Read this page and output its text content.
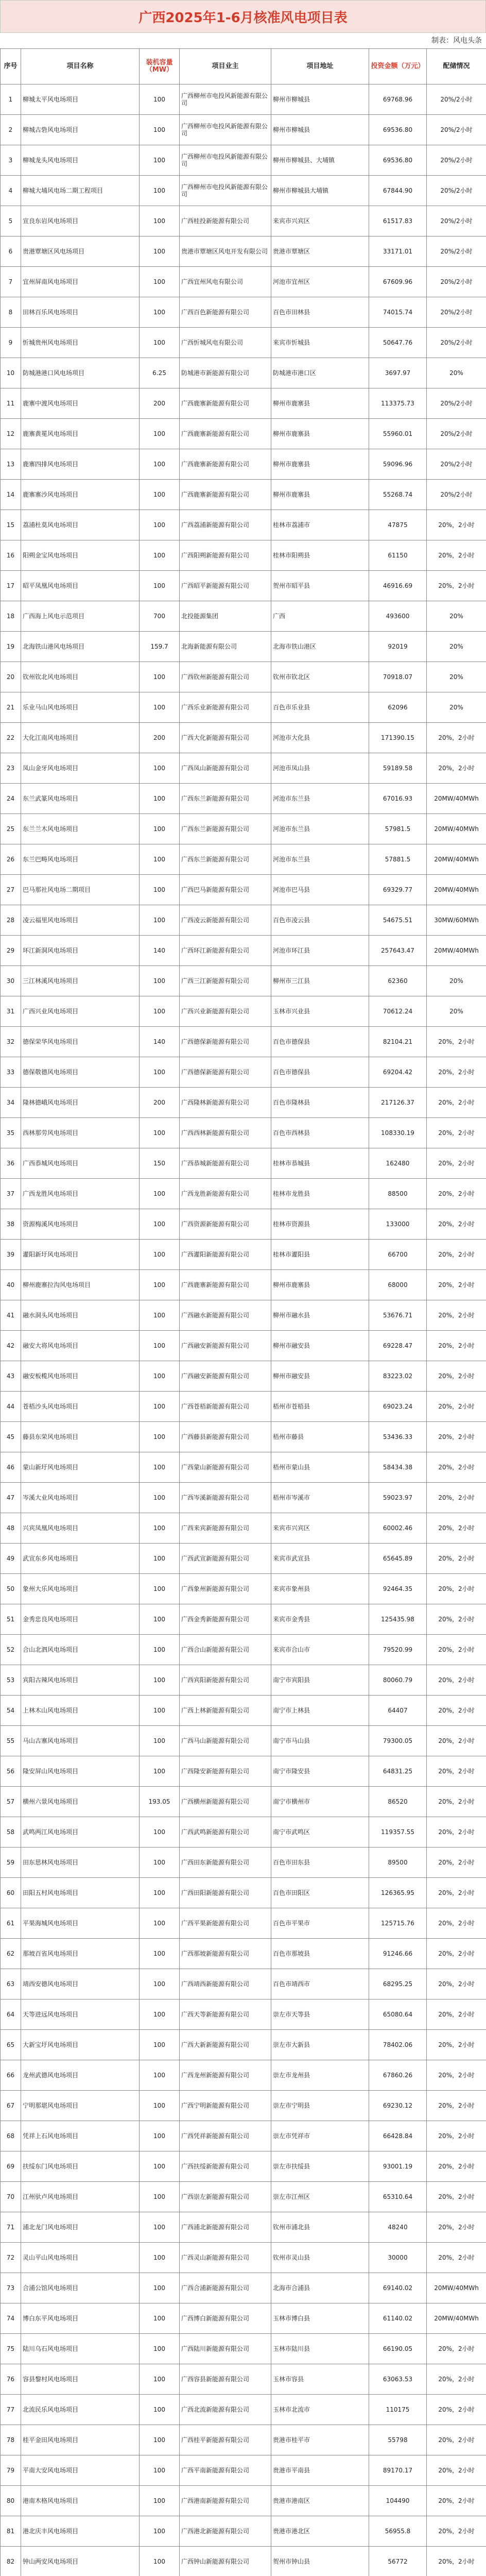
广西2025年1-6月核准风电项目表
制表：风电头条
序号	项目名称	装机容量（MW）	项目业主	项目地址	投资金额（万元）	配储情况
1	柳城太平风电场项目	100	广西柳州市电投风新能源有限公司	柳州市柳城县	69768.96	20%/2小时
2	柳城古砦风电场项目	100	广西柳州市电投风新能源有限公司	柳州市柳城县	69536.80	20%/2小时
3	柳城龙头风电场项目	100	广西柳州市电投风新能源有限公司	柳州市柳城县、大埔镇	69536.80	20%/2小时
4	柳城大埔风电场二期工程项目	100	广西柳州市电投风新能源有限公司	柳州市柳城县大埔镇	67844.90	20%/2小时
5	宣良东岩风电场项目	100	广西桂投新能源有限公司	来宾市兴宾区	61517.83	20%/2小时
6	贵港覃塘区风电场项目	100	贵港市覃塘区风电开发有限公司	贵港市覃塘区	33171.01	20%/2小时
7	宜州屏南风电场项目	100	广西宜州风电有限公司	河池市宜州区	67609.96	20%/2小时
8	田林百乐风电场项目	100	广西百色新能源有限公司	百色市田林县	74015.74	20%/2小时
9	忻城贵州风电场项目	100	广西忻城风电有限公司	来宾市忻城县	50647.76	20%/2小时
10	防城港港口风电场项目	6.25	防城港市新能源有限公司	防城港市港口区	3697.97	20%
11	鹿寨中渡风电场项目	200	广西鹿寨新能源有限公司	柳州市鹿寨县	113375.73	20%/2小时
12	鹿寨黄冕风电场项目	100	广西鹿寨新能源有限公司	柳州市鹿寨县	55960.01	20%/2小时
13	鹿寨四排风电场项目	100	广西鹿寨新能源有限公司	柳州市鹿寨县	59096.96	20%/2小时
14	鹿寨寨沙风电场项目	100	广西鹿寨新能源有限公司	柳州市鹿寨县	55268.74	20%/2小时
15	荔浦杜莫风电场项目	100	广西荔浦新能源有限公司	桂林市荔浦市	47875	20%，2小时
16	阳朔金宝风电场项目	100	广西阳朔新能源有限公司	桂林市阳朔县	61150	20%，2小时
17	昭平凤凰风电场项目	100	广西昭平新能源有限公司	贺州市昭平县	46916.69	20%，2小时
18	广西海上风电示范项目	700	北投能源集团	广西	493600	20%
19	北海铁山港风电场项目	159.7	北海新能源有限公司	北海市铁山港区	92019	20%
20	钦州钦北风电场项目	100	广西钦州新能源有限公司	钦州市钦北区	70918.07	20%
21	乐业马山风电场项目	100	广西乐业新能源有限公司	百色市乐业县	62096	20%
22	大化江南风电场项目	200	广西大化新能源有限公司	河池市大化县	171390.15	20%，2小时
23	凤山金牙风电场项目	100	广西凤山新能源有限公司	河池市凤山县	59189.58	20%，2小时
24	东兰武篆风电场项目	100	广西东兰新能源有限公司	河池市东兰县	67016.93	20MW/40MWh
25	东兰兰木风电场项目	100	广西东兰新能源有限公司	河池市东兰县	57981.5	20MW/40MWh
26	东兰巴畴风电场项目	100	广西东兰新能源有限公司	河池市东兰县	57881.5	20MW/40MWh
27	巴马那社风电场二期项目	100	广西巴马新能源有限公司	河池市巴马县	69329.77	20MW/40MWh
28	凌云福里风电场项目	100	广西凌云新能源有限公司	百色市凌云县	54675.51	30MW/60MWh
29	环江新洞风电场项目	140	广西环江新能源有限公司	河池市环江县	257643.47	20MW/40MWh
30	三江林溪风电场项目	100	广西三江新能源有限公司	柳州市三江县	62360	20%
31	广西兴业风电场项目	100	广西兴业新能源有限公司	玉林市兴业县	70612.24	20%
32	德保荣华风电场项目	140	广西德保新能源有限公司	百色市德保县	82104.21	20%，2小时
33	德保敬德风电场项目	100	广西德保新能源有限公司	百色市德保县	69204.42	20%，2小时
34	隆林德峨风电场项目	200	广西隆林新能源有限公司	百色市隆林县	217126.37	20%，2小时
35	西林那劳风电场项目	100	广西西林新能源有限公司	百色市西林县	108330.19	20%，2小时
36	广西恭城风电场项目	150	广西恭城新能源有限公司	桂林市恭城县	162480	20%，2小时
37	广西龙胜风电场项目	100	广西龙胜新能源有限公司	桂林市龙胜县	88500	20%，2小时
38	资源梅溪风电场项目	100	广西资源新能源有限公司	桂林市资源县	133000	20%，2小时
39	灌阳新圩风电场项目	100	广西灌阳新能源有限公司	桂林市灌阳县	66700	20%，2小时
40	柳州鹿寨拉沟风电场项目	100	广西鹿寨新能源有限公司	柳州市鹿寨县	68000	20%，2小时
41	融水洞头风电场项目	100	广西融水新能源有限公司	柳州市融水县	53676.71	20%，2小时
42	融安大将风电场项目	100	广西融安新能源有限公司	柳州市融安县	69228.47	20%，2小时
43	融安板榄风电场项目	100	广西融安新能源有限公司	柳州市融安县	83223.02	20%，2小时
44	苍梧沙头风电场项目	100	广西苍梧新能源有限公司	梧州市苍梧县	69023.24	20%，2小时
45	藤县东荣风电场项目	100	广西藤县新能源有限公司	梧州市藤县	53436.33	20%，2小时
46	蒙山新圩风电场项目	100	广西蒙山新能源有限公司	梧州市蒙山县	58434.38	20%，2小时
47	岑溪大业风电场项目	100	广西岑溪新能源有限公司	梧州市岑溪市	59023.97	20%，2小时
48	兴宾凤凰风电场项目	100	广西来宾新能源有限公司	来宾市兴宾区	60002.46	20%，2小时
49	武宣东乡风电场项目	100	广西武宣新能源有限公司	来宾市武宣县	65645.89	20%，2小时
50	象州大乐风电场项目	100	广西象州新能源有限公司	来宾市象州县	92464.35	20%，2小时
51	金秀忠良风电场项目	100	广西金秀新能源有限公司	来宾市金秀县	125435.98	20%，2小时
52	合山北泗风电场项目	100	广西合山新能源有限公司	来宾市合山市	79520.99	20%，2小时
53	宾阳古辣风电场项目	100	广西宾阳新能源有限公司	南宁市宾阳县	80060.79	20%，2小时
54	上林木山风电场项目	100	广西上林新能源有限公司	南宁市上林县	64407	20%，2小时
55	马山古寨风电场项目	100	广西马山新能源有限公司	南宁市马山县	79300.05	20%，2小时
56	隆安屏山风电场项目	100	广西隆安新能源有限公司	南宁市隆安县	64831.25	20%，2小时
57	横州六景风电场项目	193.05	广西横州新能源有限公司	南宁市横州市	86520	20%，2小时
58	武鸣两江风电场项目	100	广西武鸣新能源有限公司	南宁市武鸣区	119357.55	20%，2小时
59	田东思林风电场项目	100	广西田东新能源有限公司	百色市田东县	89500	20%，2小时
60	田阳五村风电场项目	100	广西田阳新能源有限公司	百色市田阳区	126365.95	20%，2小时
61	平果海城风电场项目	100	广西平果新能源有限公司	百色市平果市	125715.76	20%，2小时
62	那坡百省风电场项目	100	广西那坡新能源有限公司	百色市那坡县	91246.66	20%，2小时
63	靖西安德风电场项目	100	广西靖西新能源有限公司	百色市靖西市	68295.25	20%，2小时
64	天等进远风电场项目	100	广西天等新能源有限公司	崇左市天等县	65080.64	20%，2小时
65	大新宝圩风电场项目	100	广西大新新能源有限公司	崇左市大新县	78402.06	20%，2小时
66	龙州武德风电场项目	100	广西龙州新能源有限公司	崇左市龙州县	67860.26	20%，2小时
67	宁明那堪风电场项目	100	广西宁明新能源有限公司	崇左市宁明县	69230.12	20%，2小时
68	凭祥上石风电场项目	100	广西凭祥新能源有限公司	崇左市凭祥市	66428.84	20%，2小时
69	扶绥东门风电场项目	100	广西扶绥新能源有限公司	崇左市扶绥县	93001.19	20%，2小时
70	江州驮卢风电场项目	100	广西崇左新能源有限公司	崇左市江州区	65310.64	20%，2小时
71	浦北龙门风电场项目	100	广西浦北新能源有限公司	钦州市浦北县	48240	20%，2小时
72	灵山平山风电场项目	100	广西灵山新能源有限公司	钦州市灵山县	30000	20%，2小时
73	合浦公馆风电场项目	100	广西合浦新能源有限公司	北海市合浦县	69140.02	20MW/40MWh
74	博白东平风电场项目	100	广西博白新能源有限公司	玉林市博白县	61140.02	20MW/40MWh
75	陆川乌石风电场项目	100	广西陆川新能源有限公司	玉林市陆川县	66190.05	20%，2小时
76	容县黎村风电场项目	100	广西容县新能源有限公司	玉林市容县	63063.53	20%，2小时
77	北流民乐风电场项目	100	广西北流新能源有限公司	玉林市北流市	110175	20%，2小时
78	桂平金田风电场项目	100	广西桂平新能源有限公司	贵港市桂平市	55798	20%，2小时
79	平南大安风电场项目	100	广西平南新能源有限公司	贵港市平南县	89170.17	20%，2小时
80	港南木格风电场项目	100	广西港南新能源有限公司	贵港市港南区	104490	20%，2小时
81	港北庆丰风电场项目	100	广西港北新能源有限公司	贵港市港北区	56955.8	20%，2小时
82	钟山两安风电场项目	100	广西钟山新能源有限公司	贺州市钟山县	56772	20%，2小时
